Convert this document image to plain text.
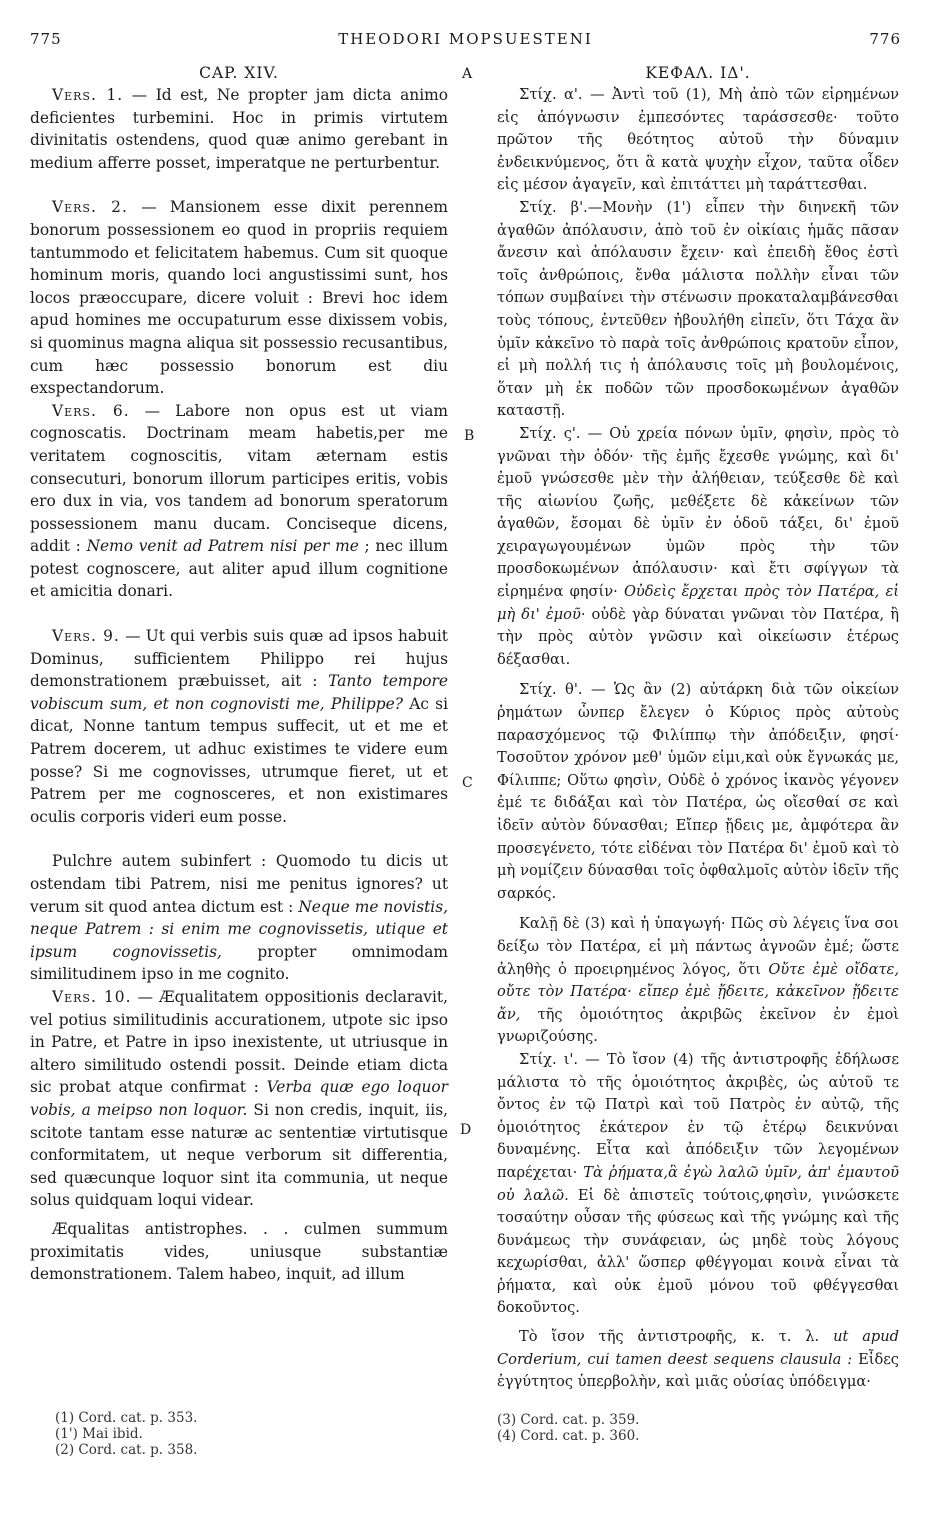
775	THEODORI MOPSUESTENI	776
CAP. XIV.

Vers. 1. — Id est, Ne propter jam dicta animo deficientes turbemini. Hoc in primis virtutem divinitatis ostendens, quod quæ animo gerebant in medium afferre posset, imperatque ne perturbentur.

Vers. 2. — Mansionem esse dixit perennem bonorum possessionem eo quod in propriis requiem tantummodo et felicitatem habemus. Cum sit quoque hominum moris, quando loci angustissimi sunt, hos locos præoccupare, dicere voluit : Brevi hoc idem apud homines me occupaturum esse dixissem vobis, si quominus magna aliqua sit possessio recusantibus, cum hæc possessio bonorum est diu exspectandorum.

Vers. 6. — Labore non opus est ut viam cognoscatis. Doctrinam meam habetis,per me veritatem cognoscitis, vitam æternam estis consecuturi, bonorum illorum participes eritis, vobis ero dux in via, vos tandem ad bonorum speratorum possessionem manu ducam. Conciseque dicens, addit : Nemo venit ad Patrem nisi per me ; nec illum potest cognoscere, aut aliter apud illum cognitione et amicitia donari.

Vers. 9. — Ut qui verbis suis quæ ad ipsos habuit Dominus, sufficientem Philippo rei hujus demonstrationem præbuisset, ait : Tanto tempore vobiscum sum, et non cognovisti me, Philippe? Ac si dicat, Nonne tantum tempus suffecit, ut et me et Patrem docerem, ut adhuc existimes te videre eum posse? Si me cognovisses, utrumque fieret, ut et Patrem per me cognosceres, et non existimares oculis corporis videri eum posse.

Pulchre autem subinfert : Quomodo tu dicis ut ostendam tibi Patrem, nisi me penitus ignores? ut verum sit quod antea dictum est : Neque me novistis, neque Patrem : si enim me cognovissetis, utique et ipsum cognovissetis, propter omnimodam similitudinem ipso in me cognito.

Vers. 10. — Æqualitatem oppositionis declaravit, vel potius similitudinis accurationem, utpote sic ipso in Patre, et Patre in ipso inexistente, ut utriusque in altero similitudo ostendi possit. Deinde etiam dicta sic probat atque confirmat : Verba quæ ego loquor vobis, a meipso non loquor. Si non credis, inquit, iis, scitote tantam esse naturæ ac sententiæ virtutisque conformitatem, ut neque verborum sit differentia, sed quæcunque loquor sint ita communia, ut neque solus quidquam loqui videar.

Æqualitas antistrophes. . . culmen summum proximitatis vides, uniusque substantiæ demonstrationem. Talem habeo, inquit, ad illum

ΚΕΦΑΛ. ΙΔ'.

Στίχ. α'. — Ἀντὶ τοῦ (1), Μὴ ἀπὸ τῶν εἰρημένων εἰς ἀπόγνωσιν ἐμπεσόντες ταράσσεσθε· τοῦτο πρῶτον τῆς θεότητος αὐτοῦ τὴν δύναμιν ἐνδεικνύμενος, ὅτι ἃ κατὰ ψυχὴν εἶχον, ταῦτα οἶδεν εἰς μέσον ἀγαγεῖν, καὶ ἐπιτάττει μὴ ταράττεσθαι.

Στίχ. β'.—Μονὴν (1') εἶπεν τὴν διηνεκῆ τῶν ἀγαθῶν ἀπόλαυσιν, ἀπὸ τοῦ ἐν οἰκίαις ἡμᾶς πᾶσαν ἄνεσιν καὶ ἀπόλαυσιν ἔχειν· καὶ ἐπειδὴ ἔθος ἐστὶ τοῖς ἀνθρώποις, ἔνθα μάλιστα πολλὴν εἶναι τῶν τόπων συμβαίνει τὴν στένωσιν προκαταλαμβάνεσθαι τοὺς τόπους, ἐντεῦθεν ἠβουλήθη εἰπεῖν, ὅτι Τάχα ἂν ὑμῖν κἀκεῖνο τὸ παρὰ τοῖς ἀνθρώποις κρατοῦν εἶπον, εἰ μὴ πολλή τις ἡ ἀπόλαυσις τοῖς μὴ βουλομένοις, ὅταν μὴ ἐκ ποδῶν τῶν προσδοκωμένων ἀγαθῶν καταστῇ.

Στίχ. ς'. — Οὐ χρεία πόνων ὑμῖν, φησὶν, πρὸς τὸ γνῶναι τὴν ὁδόν· τῆς ἐμῆς ἔχεσθε γνώμης, καὶ δι' ἐμοῦ γνώσεσθε μὲν τὴν ἀλήθειαν, τεύξεσθε δὲ καὶ τῆς αἰωνίου ζωῆς, μεθέξετε δὲ κἀκείνων τῶν ἀγαθῶν, ἔσομαι δὲ ὑμῖν ἐν ὁδοῦ τάξει, δι' ἐμοῦ χειραγωγουμένων ὑμῶν πρὸς τὴν τῶν προσδοκωμένων ἀπόλαυσιν· καὶ ἔτι σφίγγων τὰ εἰρημένα φησίν· Οὐδεὶς ἔρχεται πρὸς τὸν Πατέρα, εἰ μὴ δι' ἐμοῦ· οὐδὲ γὰρ δύναται γνῶναι τὸν Πατέρα, ἢ τὴν πρὸς αὐτὸν γνῶσιν καὶ οἰκείωσιν ἑτέρως δέξασθαι.

Στίχ. θ'. — Ὡς ἂν (2) αὐτάρκη διὰ τῶν οἰκείων ῥημάτων ὧνπερ ἔλεγεν ὁ Κύριος πρὸς αὐτοὺς παρασχόμενος τῷ Φιλίππῳ τὴν ἀπόδειξιν, φησί· Τοσοῦτον χρόνον μεθ' ὑμῶν εἰμι,καὶ οὐκ ἔγνωκάς με, Φίλιππε; Οὕτω φησὶν, Οὐδὲ ὁ χρόνος ἱκανὸς γέγονεν ἐμέ τε διδάξαι καὶ τὸν Πατέρα, ὡς οἴεσθαί σε καὶ ἰδεῖν αὐτὸν δύνασθαι; Εἴπερ ᾔδεις με, ἀμφότερα ἂν προσεγένετο, τότε εἰδέναι τὸν Πατέρα δι' ἐμοῦ καὶ τὸ μὴ νομίζειν δύνασθαι τοῖς ὀφθαλμοῖς αὐτὸν ἰδεῖν τῆς σαρκός.

Καλῇ δὲ (3) καὶ ἡ ὑπαγωγή· Πῶς σὺ λέγεις ἵνα σοι δείξω τὸν Πατέρα, εἰ μὴ πάντως ἀγνοῶν ἐμέ; ὥστε ἀληθὴς ὁ προειρημένος λόγος, ὅτι Οὔτε ἐμὲ οἴδατε, οὔτε τὸν Πατέρα· εἴπερ ἐμὲ ᾔδειτε, κἀκεῖνον ᾔδειτε ἄν, τῆς ὁμοιότητος ἀκριβῶς ἐκεῖνον ἐν ἐμοὶ γνωριζούσης.

Στίχ. ι'. — Τὸ ἴσον (4) τῆς ἀντιστροφῆς ἐδήλωσε μάλιστα τὸ τῆς ὁμοιότητος ἀκριβὲς, ὡς αὐτοῦ τε ὄντος ἐν τῷ Πατρὶ καὶ τοῦ Πατρὸς ἐν αὐτῷ, τῆς ὁμοιότητος ἑκάτερον ἐν τῷ ἑτέρῳ δεικνύναι δυναμένης. Εἶτα καὶ ἀπόδειξιν τῶν λεγομένων παρέχεται· Τὰ ῥήματα,ἃ ἐγὼ λαλῶ ὑμῖν, ἀπ' ἐμαυτοῦ οὐ λαλῶ. Εἰ δὲ ἀπιστεῖς τούτοις,φησὶν, γινώσκετε τοσαύτην οὖσαν τῆς φύσεως καὶ τῆς γνώμης καὶ τῆς δυνάμεως τὴν συνάφειαν, ὡς μηδὲ τοὺς λόγους κεχωρίσθαι, ἀλλ' ὥσπερ φθέγγομαι κοινὰ εἶναι τὰ ῥήματα, καὶ οὐκ ἐμοῦ μόνου τοῦ φθέγγεσθαι δοκοῦντος.

Τὸ ἴσον τῆς ἀντιστροφῆς, κ. τ. λ. ut apud Corderium, cui tamen deest sequens clausula : Εἶδες ἐγγύτητος ὑπερβολὴν, καὶ μιᾶς οὐσίας ὑπόδειγμα·

A
B
C
D
(1) Cord. cat. p. 353.
(1') Mai ibid.
(2) Cord. cat. p. 358.
(3) Cord. cat. p. 359.
(4) Cord. cat. p. 360.
